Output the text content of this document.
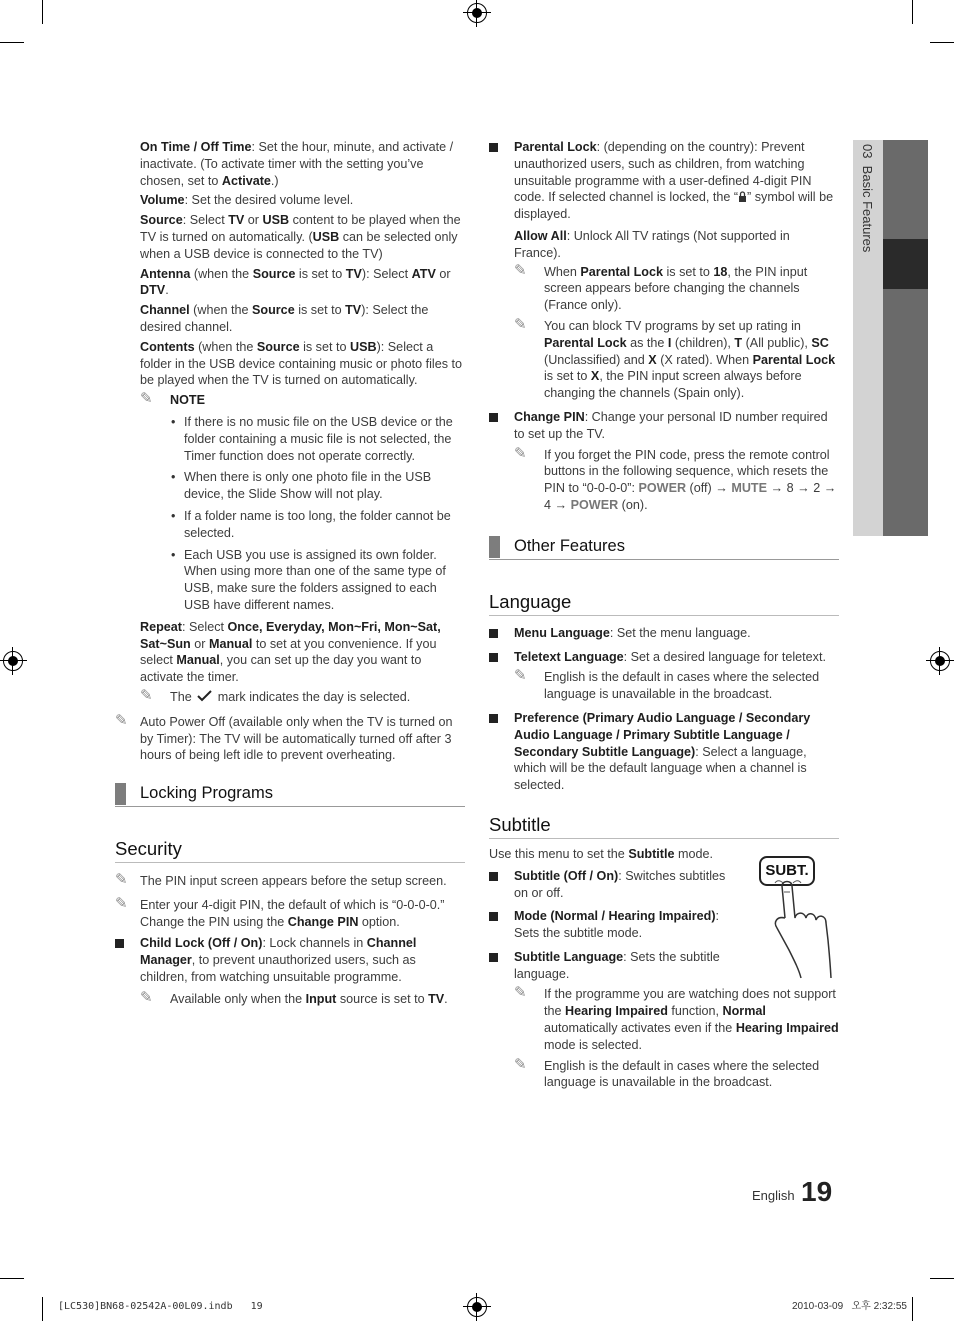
03  Basic Features

On Time / Off Time: Set the hour, minute, and activate / inactivate. (To activate timer with the setting you’ve chosen, set to Activate.)

Volume: Set the desired volume level.

Source: Select TV or USB content to be played when the TV is turned on automatically. (USB can be selected only when a USB device is connected to the TV)

Antenna (when the Source is set to TV): Select ATV or DTV.

Channel (when the Source is set to TV): Select the desired channel.

Contents (when the Source is set to USB): Select a folder in the USB device containing music or photo files to be played when the TV is turned on automatically.

✎	NOTE
• If there is no music file on the USB device or the folder containing a music file is not selected, the Timer function does not operate correctly.
• When there is only one photo file in the USB device, the Slide Show will not play.
• If a folder name is too long, the folder cannot be selected.
• Each USB you use is assigned its own folder. When using more than one of the same type of USB, make sure the folders assigned to each USB have different names.

Repeat: Select Once, Everyday, Mon~Fri, Mon~Sat, Sat~Sun or Manual to set at you convenience. If you select Manual, you can set up the day you want to activate the timer.

✎	The mark indicates the day is selected.
✎ Auto Power Off (available only when the TV is turned on by Timer): The TV will be automatically turned off after 3 hours of being left idle to prevent overheating.
Locking Programs
Security
✎ The PIN input screen appears before the setup screen.
✎ Enter your 4-digit PIN, the default of which is “0-0-0-0.” Change the PIN using the Change PIN option.
Child Lock (Off / On): Lock channels in Channel Manager, to prevent unauthorized users, such as children, from watching unsuitable programme.
✎	Available only when the Input source is set to TV.
Parental Lock: (depending on the country): Prevent unauthorized users, such as children, from watching unsuitable programme with a user-defined 4-digit PIN code. If selected channel is locked, the “ ” symbol will be displayed.

Allow All: Unlock All TV ratings (Not supported in France).

✎	When Parental Lock is set to 18, the PIN input screen appears before changing the channels (France only).
✎	You can block TV programs by set up rating in Parental Lock as the I (children), T (All public), SC (Unclassified) and X (X rated). When Parental Lock is set to X, the PIN input screen always before changing the channels (Spain only).
Change PIN: Change your personal ID number required to set up the TV.
✎	If you forget the PIN code, press the remote control buttons in the following sequence, which resets the PIN to “0-0-0-0”: POWER (off) → MUTE → 8 → 2 → 4 → POWER (on).
Other Features
Language
Menu Language: Set the menu language.
Teletext Language: Set a desired language for teletext.
✎	English is the default in cases where the selected language is unavailable in the broadcast.
Preference (Primary Audio Language / Secondary Audio Language / Primary Subtitle Language / Secondary Subtitle Language): Select a language, which will be the default language when a channel is selected.
Subtitle

Use this menu to set the Subtitle mode.

Subtitle (Off / On): Switches subtitles on or off.
Mode (Normal / Hearing Impaired): Sets the subtitle mode.
Subtitle Language: Sets the subtitle language.
SUBT.
✎	If the programme you are watching does not support the Hearing Impaired function, Normal automatically activates even if the Hearing Impaired mode is selected.
✎	English is the default in cases where the selected language is unavailable in the broadcast.
English 19
[LC530]BN68-02542A-00L09.indb   19	2010-03-09   오후 2:32:55
